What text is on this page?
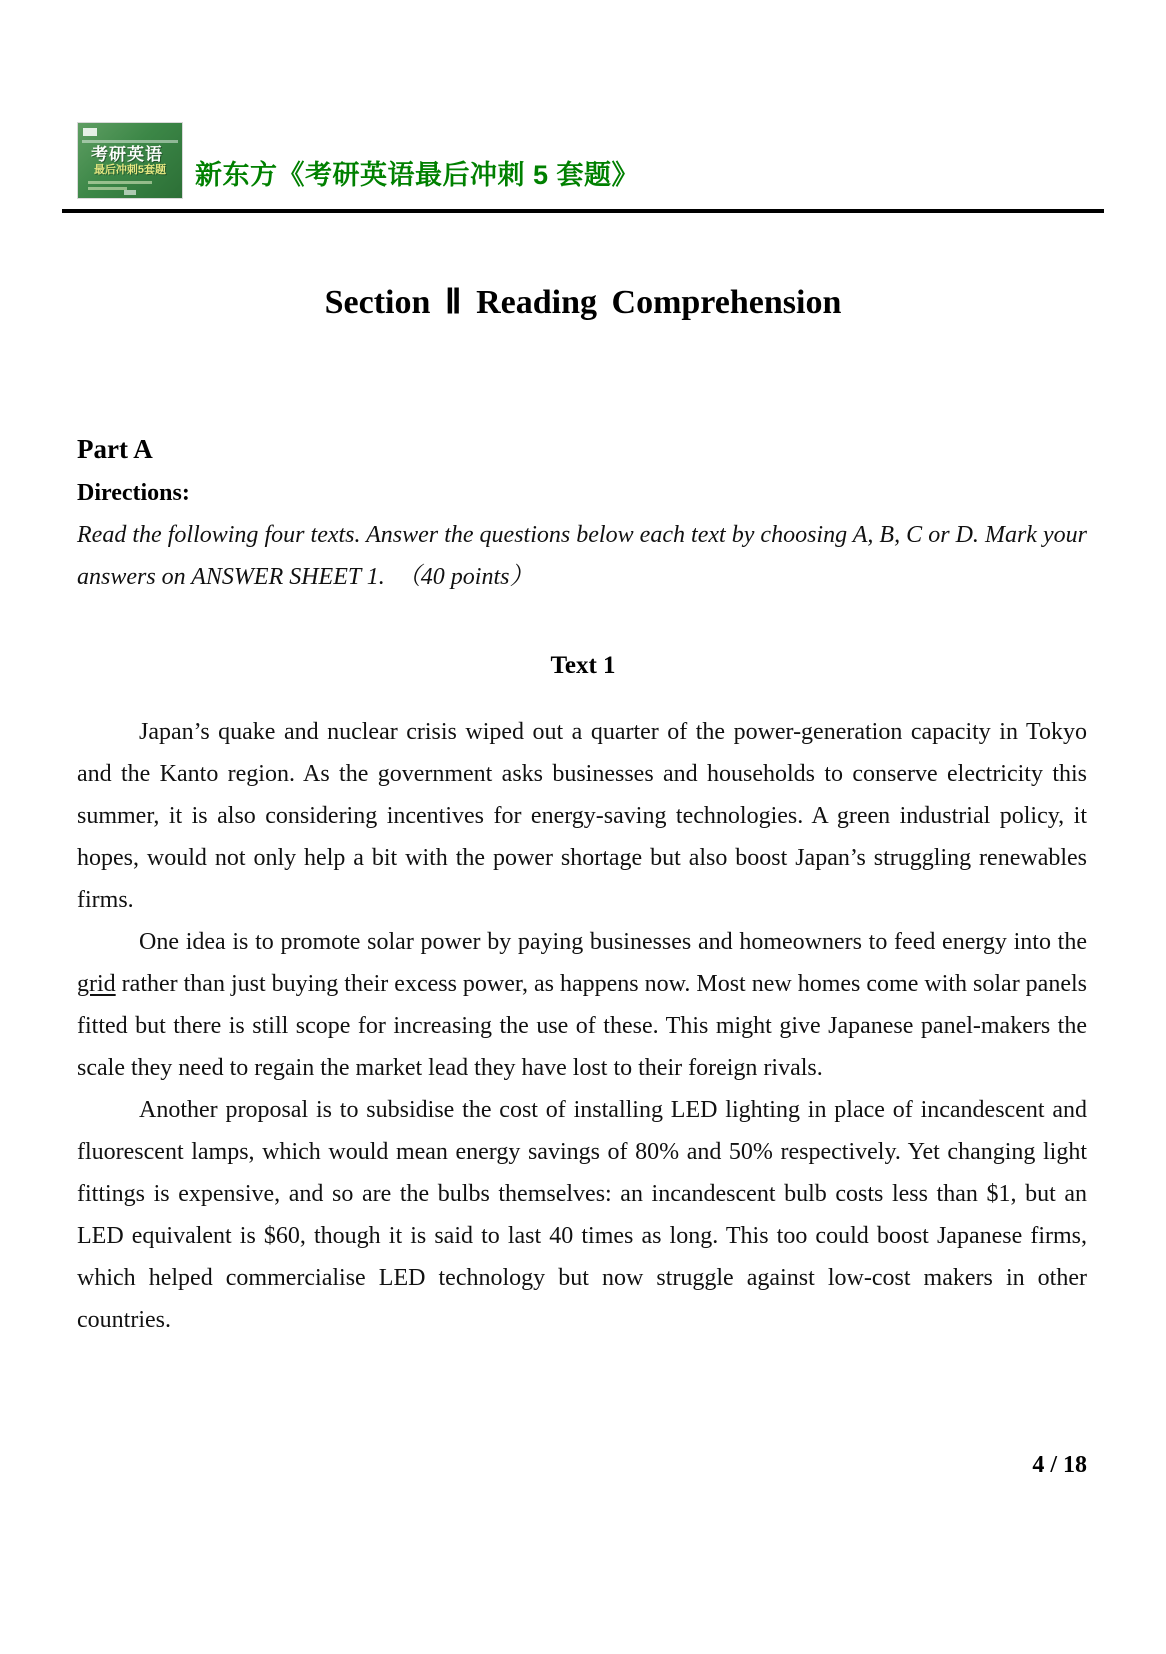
考研英语
最后冲刺5套题	新东方《考研英语最后冲刺 5 套题》
Section Ⅱ Reading Comprehension
Part A
Directions:

Read the following four texts. Answer the questions below each text by choosing A, B, C or D. Mark your answers on ANSWER SHEET 1.　（40 points）

Text 1

Japan’s quake and nuclear crisis wiped out a quarter of the power-generation capacity in Tokyo and the Kanto region. As the government asks businesses and households to conserve electricity this summer, it is also considering incentives for energy-saving technologies. A green industrial policy, it hopes, would not only help a bit with the power shortage but also boost Japan’s struggling renewables firms.

One idea is to promote solar power by paying businesses and homeowners to feed energy into the grid rather than just buying their excess power, as happens now. Most new homes come with solar panels fitted but there is still scope for increasing the use of these. This might give Japanese panel-makers the scale they need to regain the market lead they have lost to their foreign rivals.

Another proposal is to subsidise the cost of installing LED lighting in place of incandescent and fluorescent lamps, which would mean energy savings of 80% and 50% respectively. Yet changing light fittings is expensive, and so are the bulbs themselves: an incandescent bulb costs less than $1, but an LED equivalent is $60, though it is said to last 40 times as long. This too could boost Japanese firms, which helped commercialise LED technology but now struggle against low-cost makers in other countries.

4 / 18
